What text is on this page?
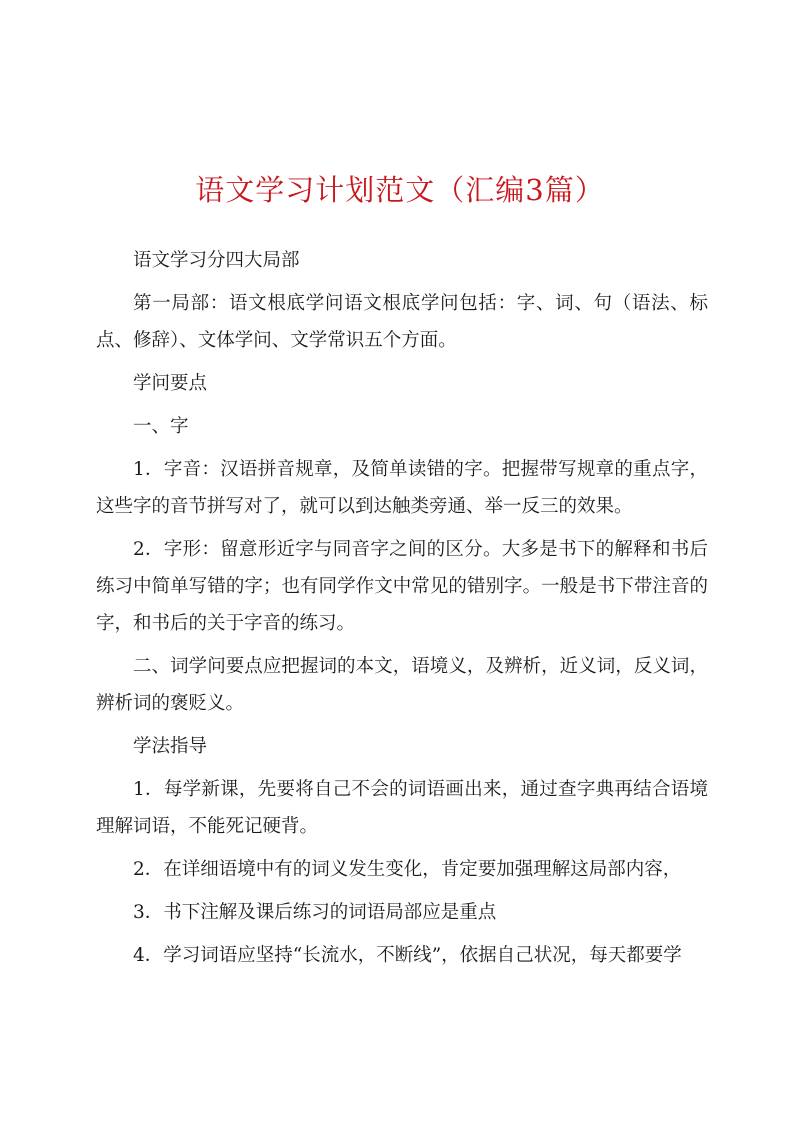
语文学习计划范文（汇编3篇）

语文学习分四大局部

第一局部：语文根底学问语文根底学问包括：字、词、句（语法、标点、修辞）、文体学问、文学常识五个方面。

学问要点

一、字

1．字音：汉语拼音规章，及简单读错的字。把握带写规章的重点字，这些字的音节拼写对了，就可以到达触类旁通、举一反三的效果。

2．字形：留意形近字与同音字之间的区分。大多是书下的解释和书后练习中简单写错的字；也有同学作文中常见的错别字。一般是书下带注音的字，和书后的关于字音的练习。

二、词学问要点应把握词的本文，语境义，及辨析，近义词，反义词，辨析词的褒贬义。

学法指导

1．每学新课，先要将自己不会的词语画出来，通过查字典再结合语境理解词语，不能死记硬背。

2．在详细语境中有的词义发生变化，肯定要加强理解这局部内容，

3．书下注解及课后练习的词语局部应是重点

4．学习词语应坚持“长流水，不断线”，依据自己状况，每天都要学
